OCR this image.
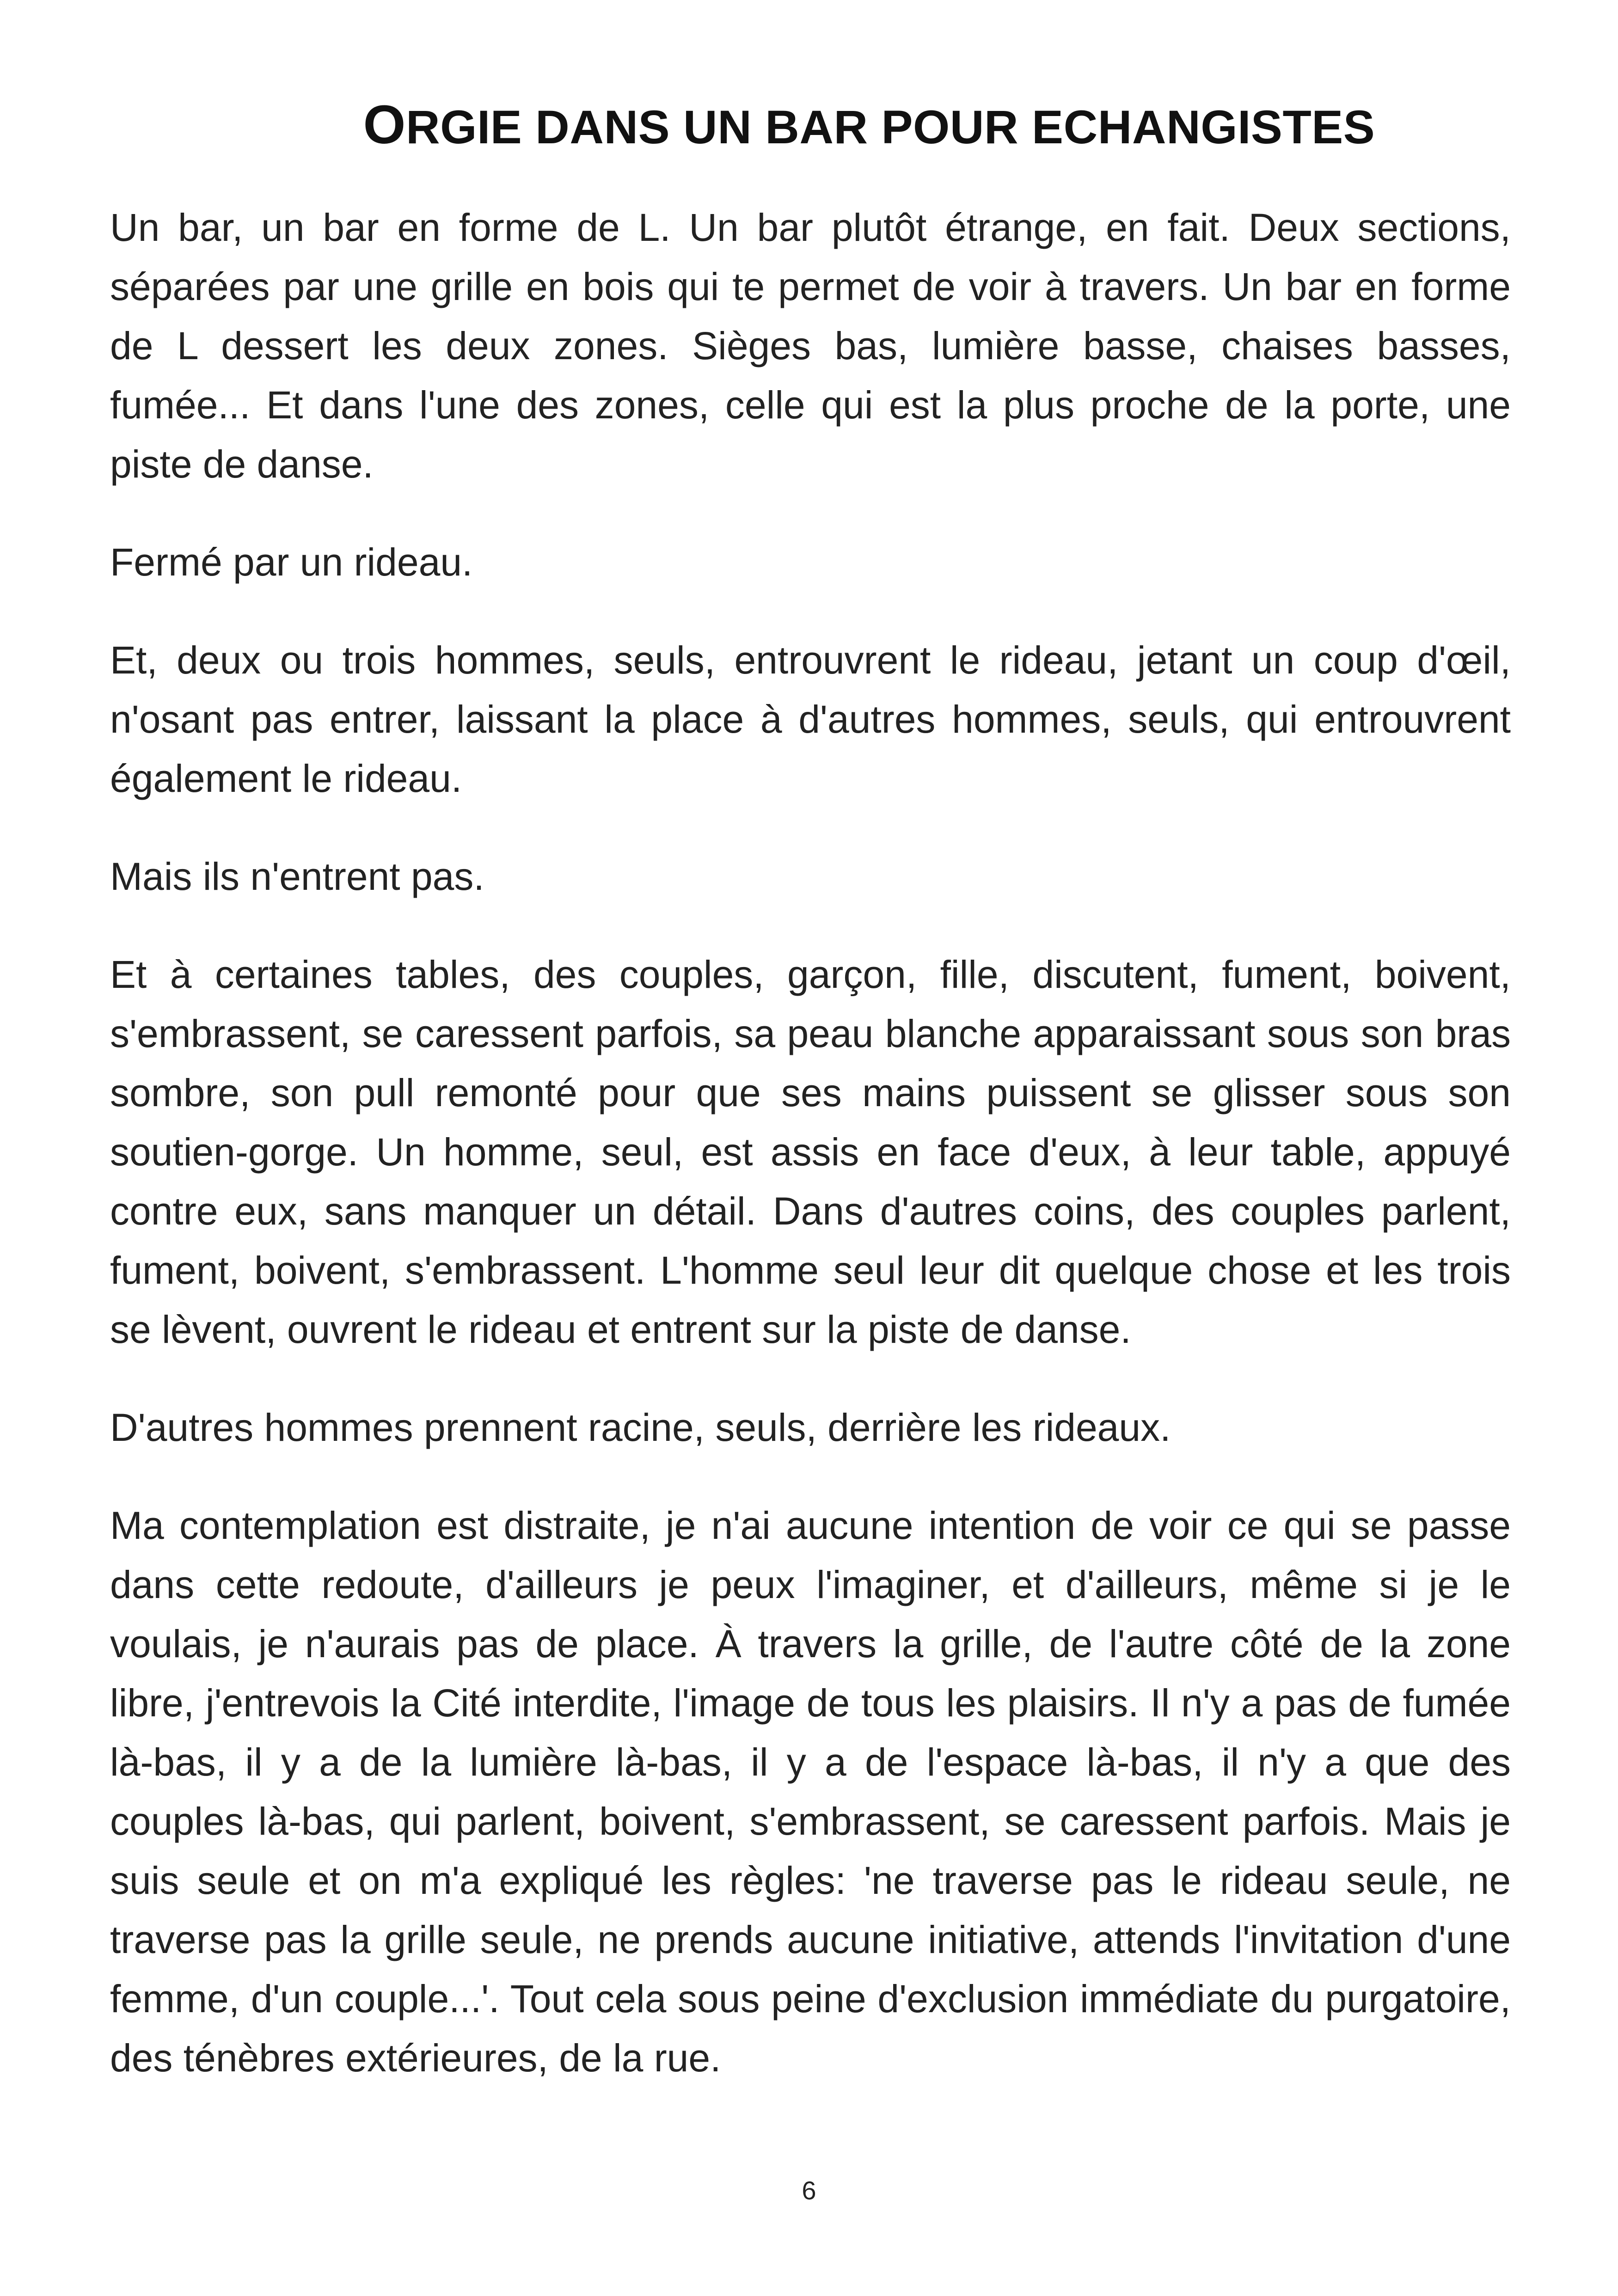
ORGIE DANS UN BAR POUR ECHANGISTES

Un bar, un bar en forme de L. Un bar plutôt étrange, en fait. Deux sections, séparées par une grille en bois qui te permet de voir à travers. Un bar en forme de L dessert les deux zones. Sièges bas, lumière basse, chaises basses, fumée... Et dans l'une des zones, celle qui est la plus proche de la porte, une piste de danse.

Fermé par un rideau.

Et, deux ou trois hommes, seuls, entrouvrent le rideau, jetant un coup d'œil, n'osant pas entrer, laissant la place à d'autres hommes, seuls, qui entrouvrent également le rideau.

Mais ils n'entrent pas.

Et à certaines tables, des couples, garçon, fille, discutent, fument, boivent, s'embrassent, se caressent parfois, sa peau blanche apparaissant sous son bras sombre, son pull remonté pour que ses mains puissent se glisser sous son soutien-gorge. Un homme, seul, est assis en face d'eux, à leur table, appuyé contre eux, sans manquer un détail. Dans d'autres coins, des couples parlent, fument, boivent, s'embrassent. L'homme seul leur dit quelque chose et les trois se lèvent, ouvrent le rideau et entrent sur la piste de danse.

D'autres hommes prennent racine, seuls, derrière les rideaux.

Ma contemplation est distraite, je n'ai aucune intention de voir ce qui se passe dans cette redoute, d'ailleurs je peux l'imaginer, et d'ailleurs, même si je le voulais, je n'aurais pas de place. À travers la grille, de l'autre côté de la zone libre, j'entrevois la Cité interdite, l'image de tous les plaisirs. Il n'y a pas de fumée là-bas, il y a de la lumière là-bas, il y a de l'espace là-bas, il n'y a que des couples là-bas, qui parlent, boivent, s'embrassent, se caressent parfois. Mais je suis seule et on m'a expliqué les règles: 'ne traverse pas le rideau seule, ne traverse pas la grille seule, ne prends aucune initiative, attends l'invitation d'une femme, d'un couple...'. Tout cela sous peine d'exclusion immédiate du purgatoire, des ténèbres extérieures, de la rue.

6
